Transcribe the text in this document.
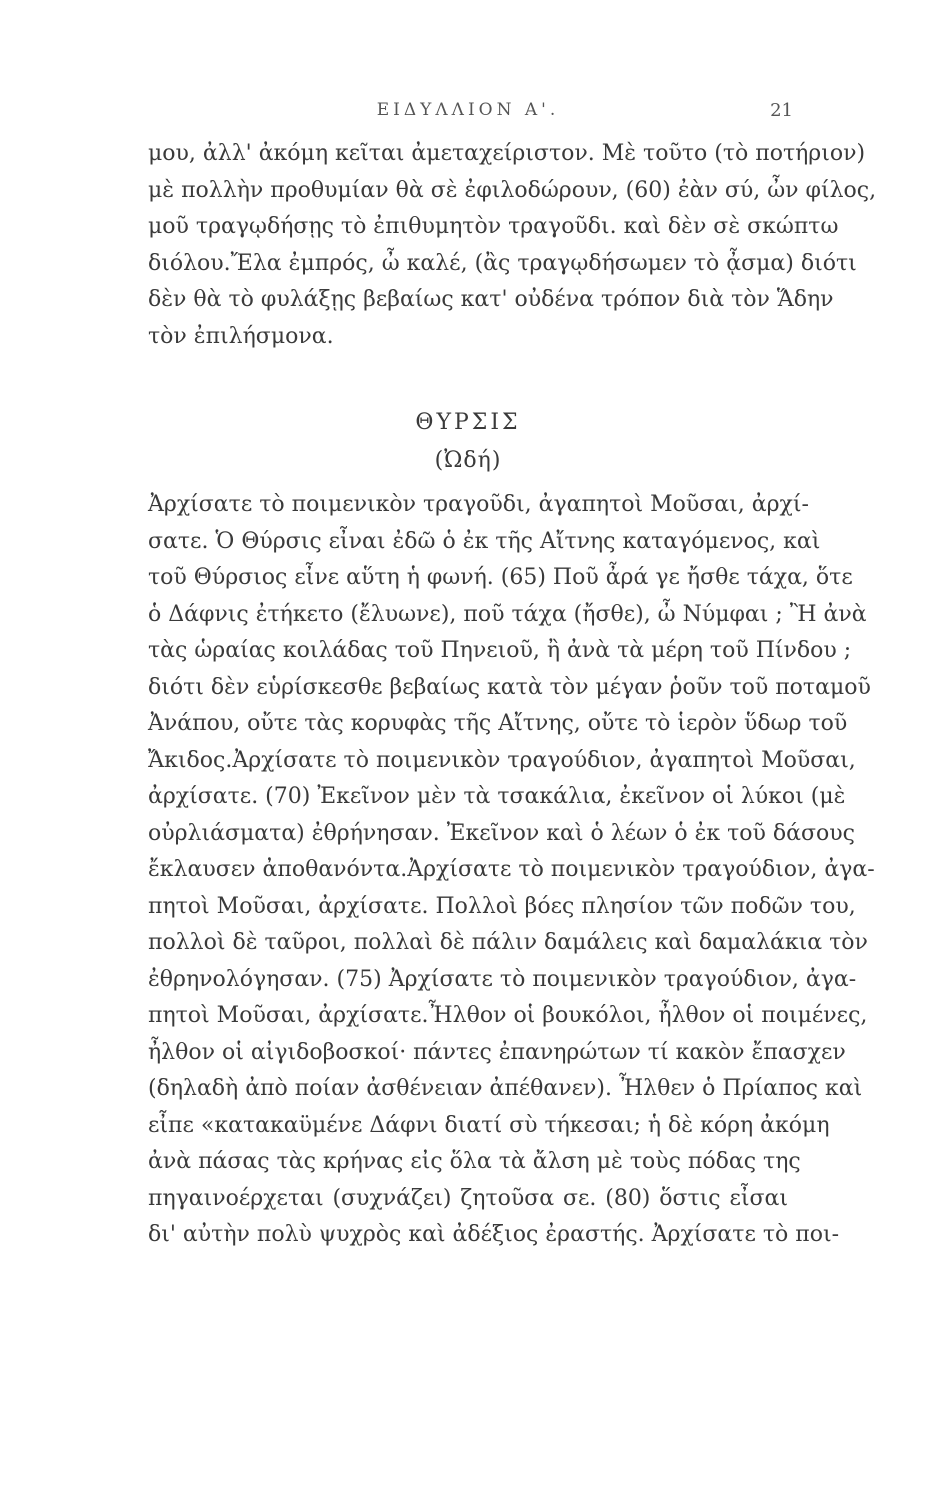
ΕΙΔΥΛΛΙΟΝ Α'.	21
μου, ἀλλ' ἀκόμη κεῖται ἀμεταχείριστον. Μὲ τοῦτο (τὸ ποτήριον)
μὲ πολλὴν προθυμίαν θὰ σὲ ἐφιλοδώρουν, (60) ἐὰν σύ, ὦν φίλος,
μοῦ τραγῳδήσῃς τὸ ἐπιθυμητὸν τραγοῦδι. καὶ δὲν σὲ σκώπτω
διόλου.Ἔλα ἐμπρός, ὦ καλέ, (ἂς τραγῳδήσωμεν τὸ ᾆσμα) διότι
δὲν θὰ τὸ φυλάξῃς βεβαίως κατ' οὐδένα τρόπον διὰ τὸν Ἅδην
τὸν ἐπιλήσμονα.
ΘΥΡΣΙΣ
(Ὠδή)
Ἀρχίσατε τὸ ποιμενικὸν τραγοῦδι, ἀγαπητοὶ Μοῦσαι, ἀρχί-
σατε. Ὁ Θύρσις εἶναι ἐδῶ ὁ ἐκ τῆς Αἴτνης καταγόμενος, καὶ
τοῦ Θύρσιος εἶνε αὕτη ἡ φωνή. (65) Ποῦ ἆρά γε ἤσθε τάχα, ὅτε
ὁ Δάφνις ἐτήκετο (ἔλυωνε), ποῦ τάχα (ἤσθε), ὦ Νύμφαι ; Ἢ ἀνὰ
τὰς ὡραίας κοιλάδας τοῦ Πηνειοῦ, ἢ ἀνὰ τὰ μέρη τοῦ Πίνδου ;
διότι δὲν εὑρίσκεσθε βεβαίως κατὰ τὸν μέγαν ῥοῦν τοῦ ποταμοῦ
Ἀνάπου, οὔτε τὰς κορυφὰς τῆς Αἴτνης, οὔτε τὸ ἱερὸν ὕδωρ τοῦ
Ἄκιδος.Ἀρχίσατε τὸ ποιμενικὸν τραγούδιον, ἀγαπητοὶ Μοῦσαι,
ἀρχίσατε. (70) Ἐκεῖνον μὲν τὰ τσακάλια, ἐκεῖνον οἱ λύκοι (μὲ
οὐρλιάσματα) ἐθρήνησαν. Ἐκεῖνον καὶ ὁ λέων ὁ ἐκ τοῦ δάσους
ἔκλαυσεν ἀποθανόντα.Ἀρχίσατε τὸ ποιμενικὸν τραγούδιον, ἀγα-
πητοὶ Μοῦσαι, ἀρχίσατε. Πολλοὶ βόες πλησίον τῶν ποδῶν του,
πολλοὶ δὲ ταῦροι, πολλαὶ δὲ πάλιν δαμάλεις καὶ δαμαλάκια τὸν
ἐθρηνολόγησαν. (75) Ἀρχίσατε τὸ ποιμενικὸν τραγούδιον, ἀγα-
πητοὶ Μοῦσαι, ἀρχίσατε.Ἦλθον οἱ βουκόλοι, ἦλθον οἱ ποιμένες,
ἦλθον οἱ αἰγιδοβοσκοί· πάντες ἐπανηρώτων τί κακὸν ἔπασχεν
(δηλαδὴ ἀπὸ ποίαν ἀσθένειαν ἀπέθανεν). Ἦλθεν ὁ Πρίαπος καὶ
εἶπε «κατακαϋμένε Δάφνι διατί σὺ τήκεσαι; ἡ δὲ κόρη ἀκόμη
ἀνὰ πάσας τὰς κρήνας εἰς ὅλα τὰ ἄλση μὲ τοὺς πόδας της
πηγαινοέρχεται (συχνάζει) ζητοῦσα σε. (80) ὅστις εἶσαι
δι' αὐτὴν πολὺ ψυχρὸς καὶ ἀδέξιος ἐραστής. Ἀρχίσατε τὸ ποι-
